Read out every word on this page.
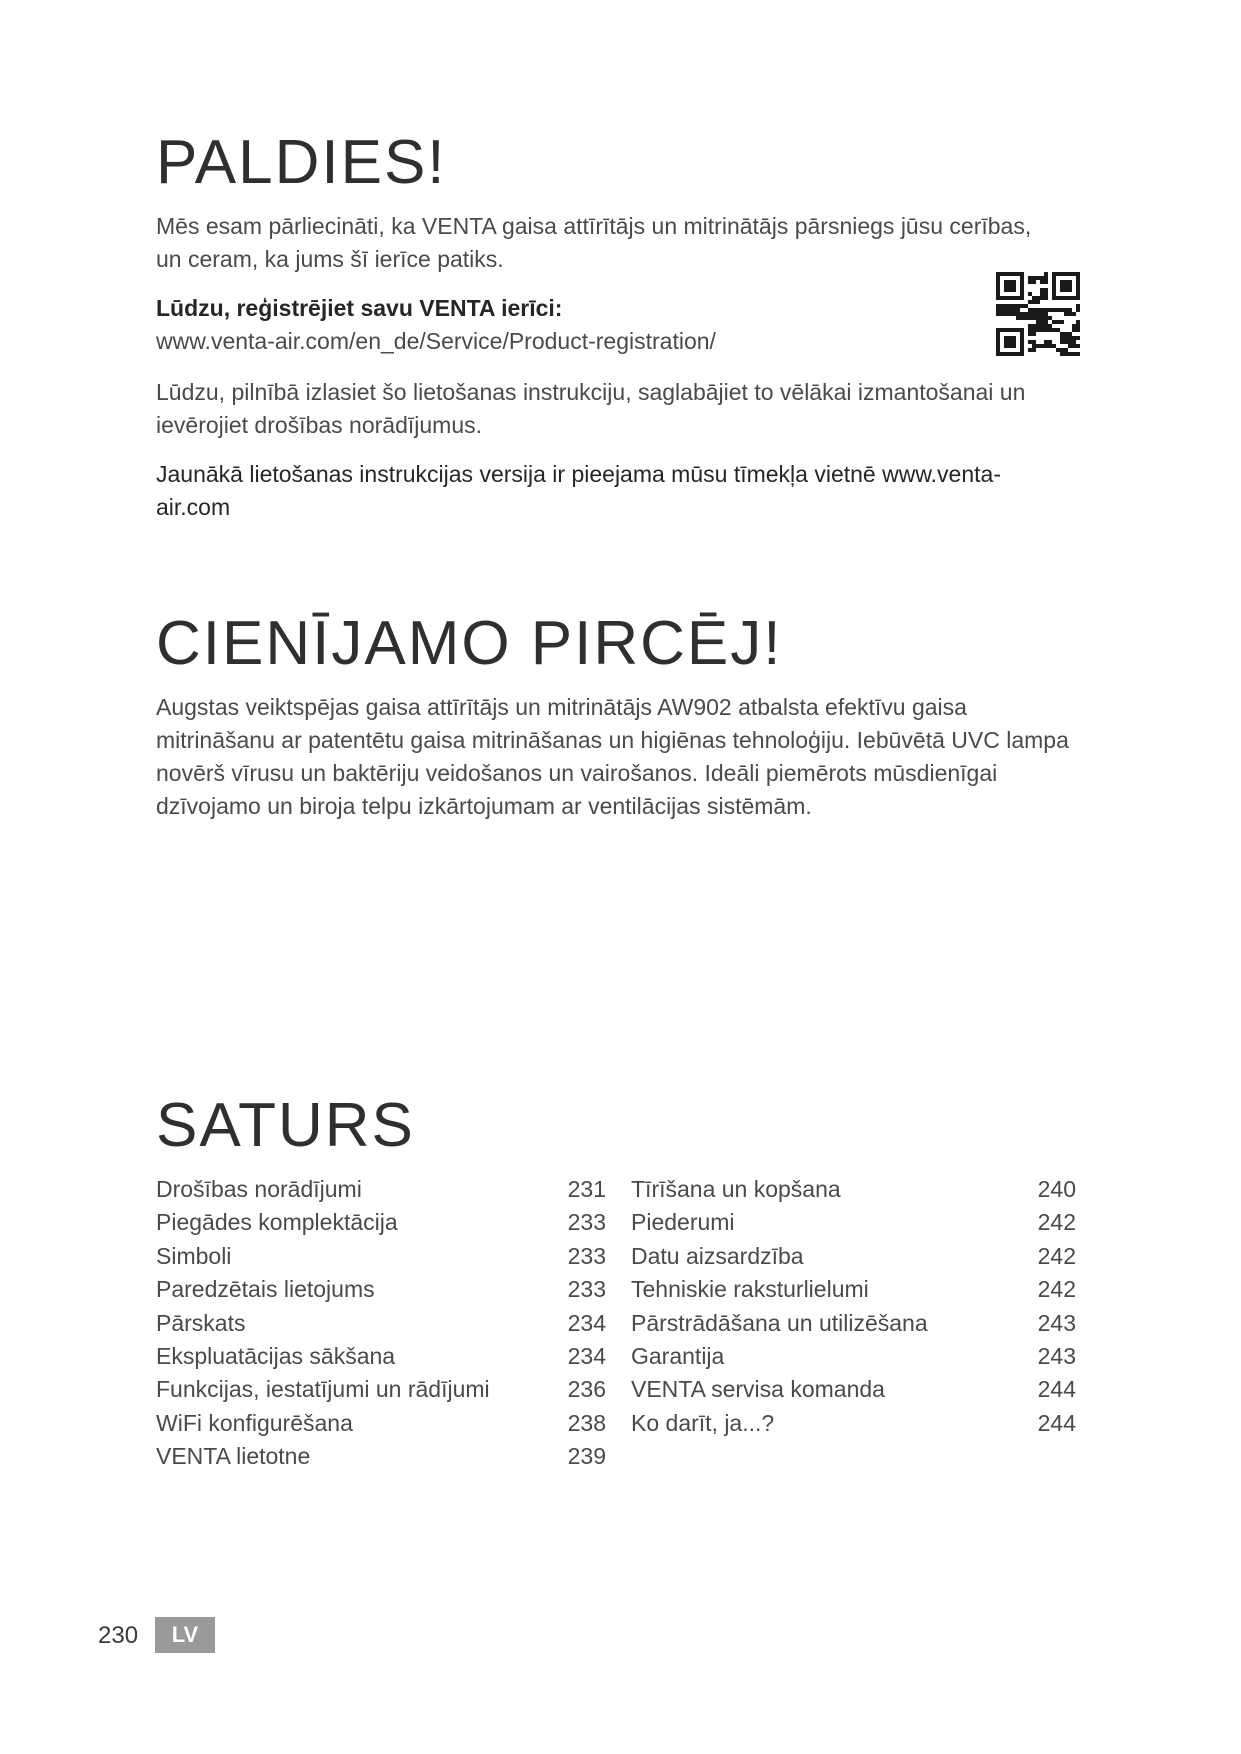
PALDIES!

Mēs esam pārliecināti, ka VENTA gaisa attīrītājs un mitrinātājs pārsniegs jūsu cerības, un ceram, ka jums šī ierīce patiks.

Lūdzu, reģistrējiet savu VENTA ierīci:
www.venta-air.com/en_de/Service/Product-registration/

Lūdzu, pilnībā izlasiet šo lietošanas instrukciju, saglabājiet to vēlākai izmantošanai un ievērojiet drošības norādījumus.

Jaunākā lietošanas instrukcijas versija ir pieejama mūsu tīmekļa vietnē www.venta-air.com

CIENĪJAMO PIRCĒJ!

Augstas veiktspējas gaisa attīrītājs un mitrinātājs AW902 atbalsta efektīvu gaisa mitrināšanu ar patentētu gaisa mitrināšanas un higiēnas tehnoloģiju. Iebūvētā UVC lampa novērš vīrusu un baktēriju veidošanos un vairošanos. Ideāli piemērots mūsdienīgai dzīvojamo un biroja telpu izkārtojumam ar ventilācijas sistēmām.

SATURS
Drošības norādījumi	231
Piegādes komplektācija	233
Simboli	233
Paredzētais lietojums	233
Pārskats	234
Ekspluatācijas sākšana	234
Funkcijas, iestatījumi un rādījumi	236
WiFi konfigurēšana	238
VENTA lietotne	239
Tīrīšana un kopšana	240
Piederumi	242
Datu aizsardzība	242
Tehniskie raksturlielumi	242
Pārstrādāšana un utilizēšana	243
Garantija	243
VENTA servisa komanda	244
Ko darīt, ja...?	244
230	LV
